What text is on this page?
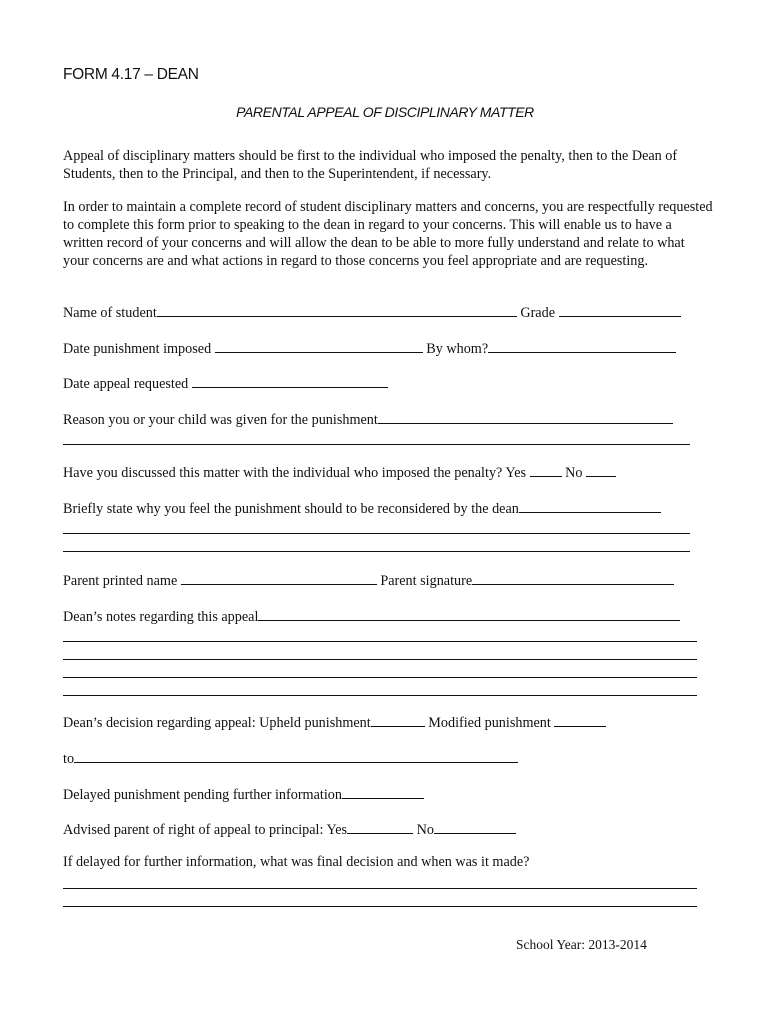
FORM 4.17 – DEAN
PARENTAL APPEAL OF DISCIPLINARY MATTER
Appeal of disciplinary matters should be first to the individual who imposed the penalty, then to the Dean of Students, then to the Principal, and then to the Superintendent, if necessary.
In order to maintain a complete record of student disciplinary matters and concerns, you are respectfully requested to complete this form prior to speaking to the dean in regard to your concerns. This will enable us to have a written record of your concerns and will allow the dean to be able to more fully understand and relate to what your concerns are and what actions in regard to those concerns you feel appropriate and are requesting.
Name of student	Grade
Date punishment imposed	By whom?
Date appeal requested
Reason you or your child was given for the punishment
Have you discussed this matter with the individual who imposed the penalty? Yes	No
Briefly state why you feel the punishment should to be reconsidered by the dean
Parent printed name	Parent signature
Dean’s notes regarding this appeal
Dean’s decision regarding appeal: Upheld punishment	Modified punishment
to
Delayed punishment pending further information
Advised parent of right of appeal to principal: Yes	No
If delayed for further information, what was final decision and when was it made?
School Year: 2013-2014
